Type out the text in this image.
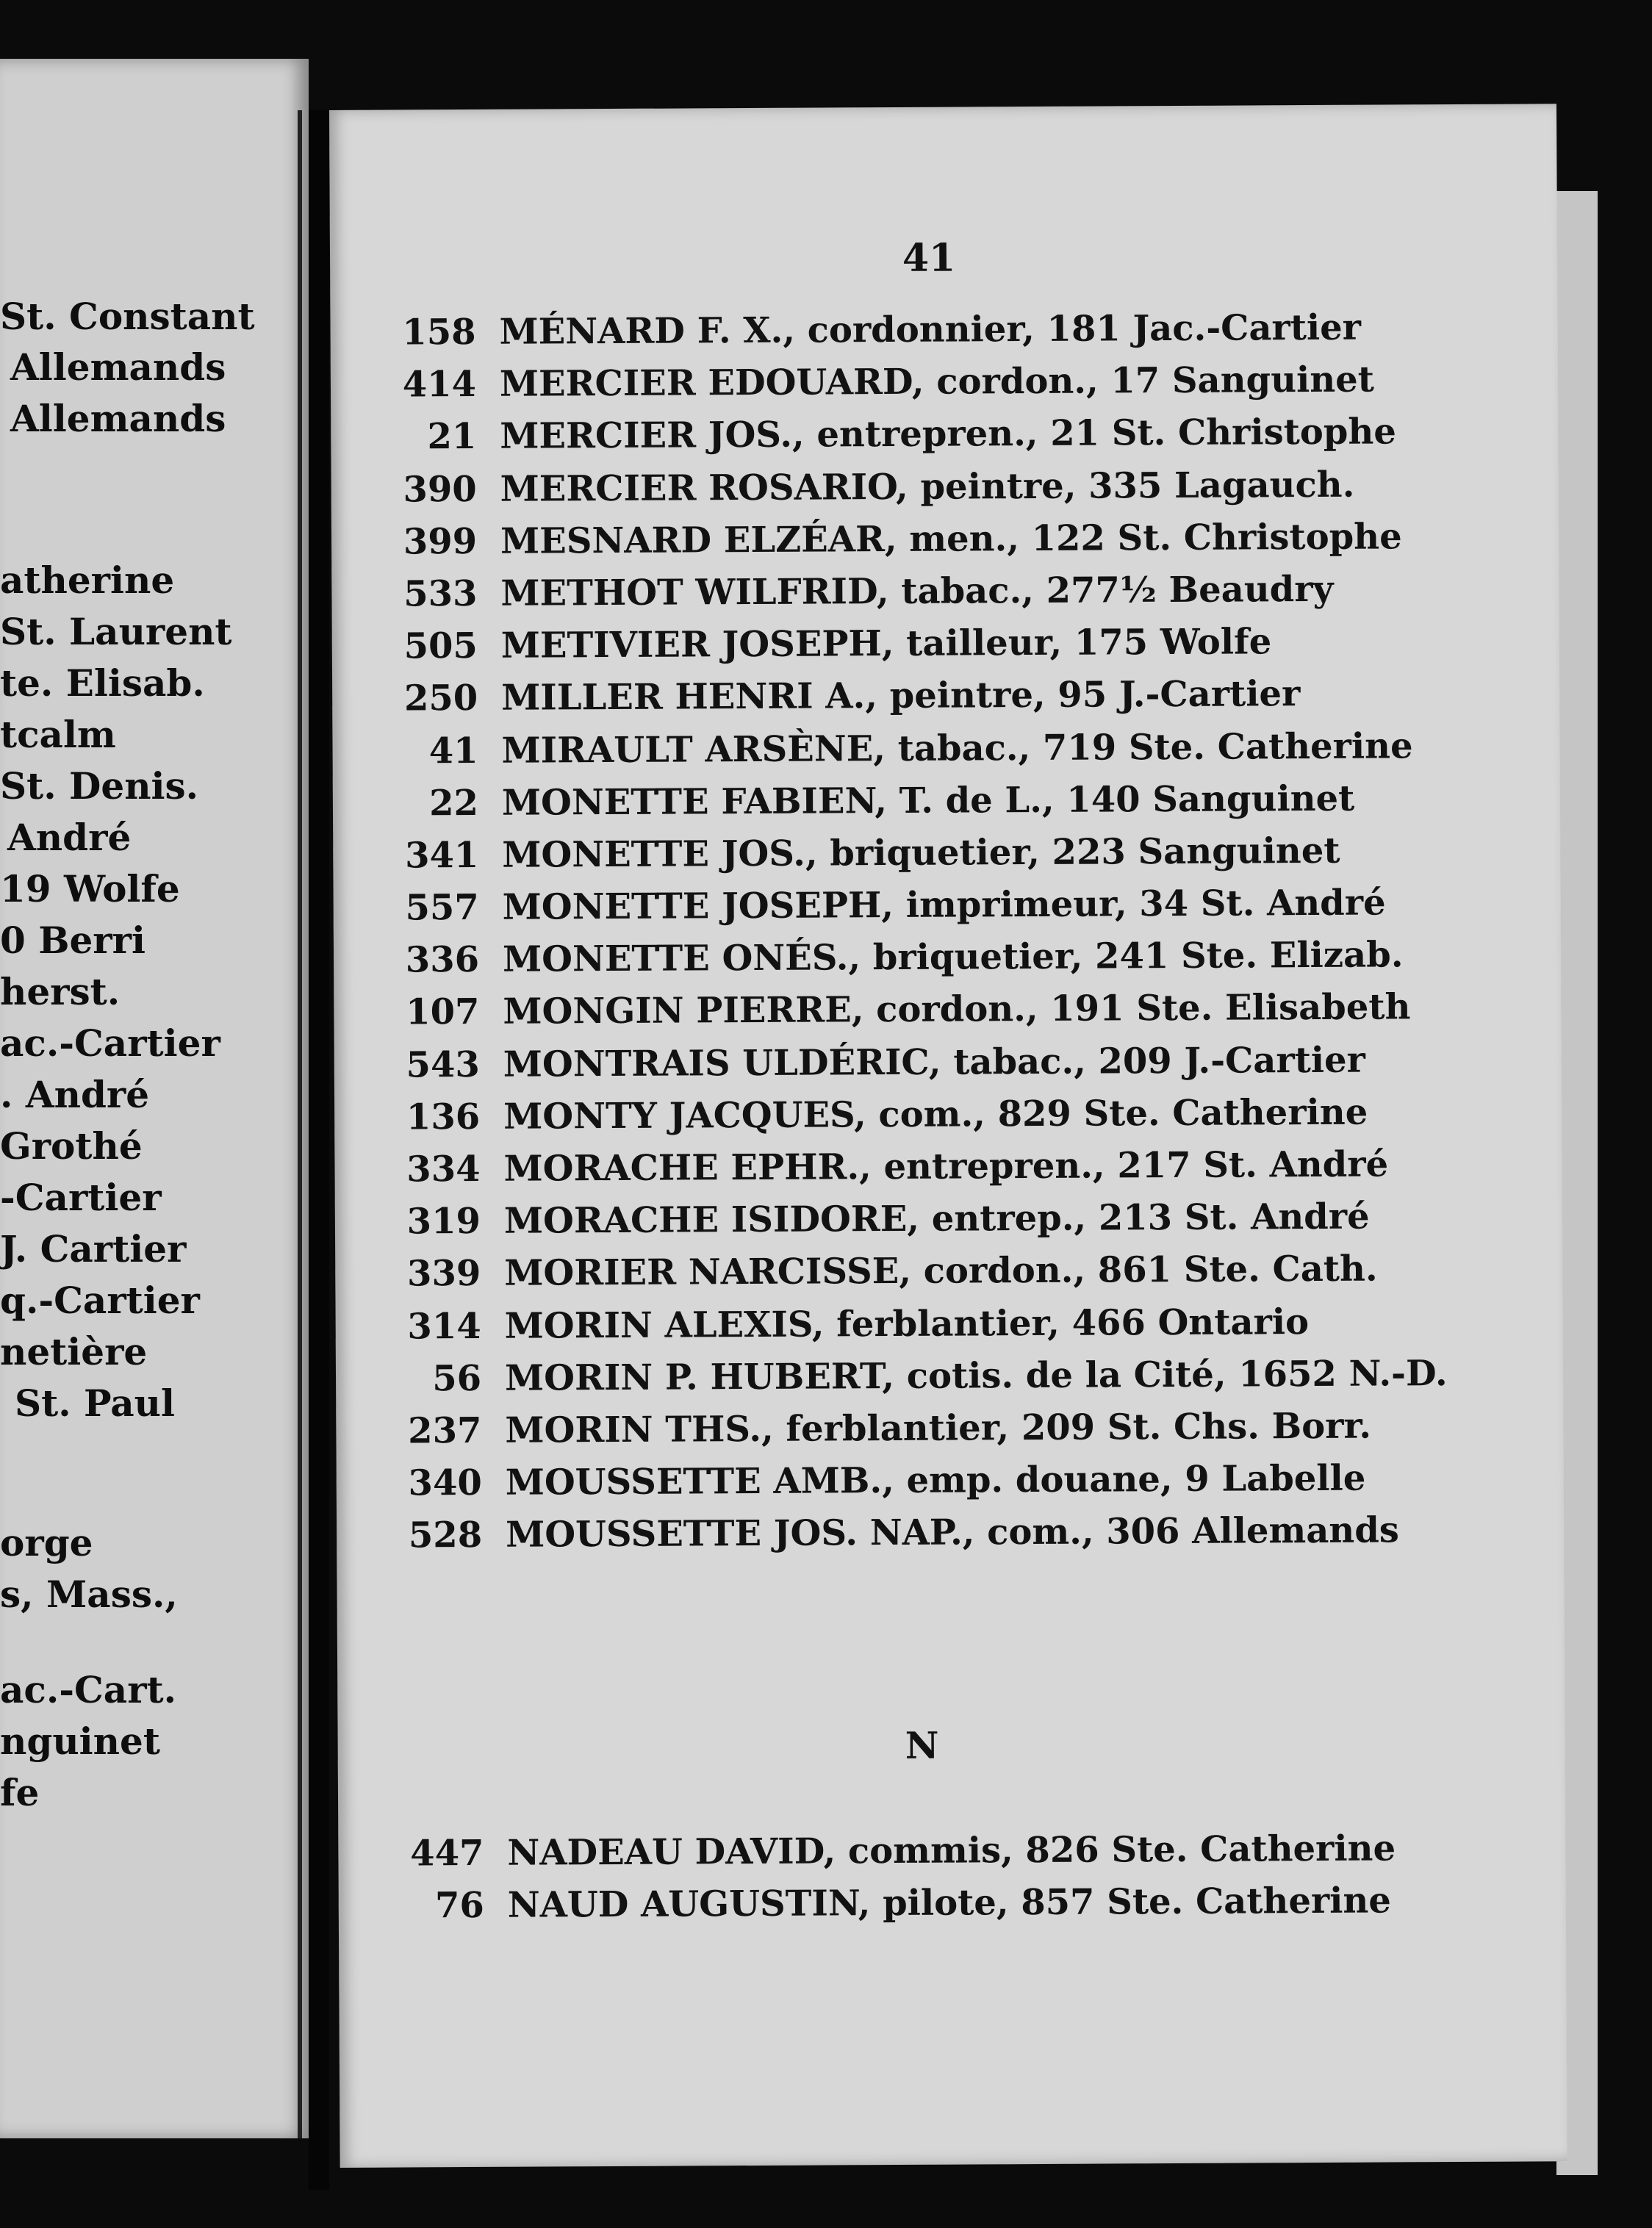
St. Constant
Allemands
Allemands
atherine
St. Laurent
te. Elisab.
tcalm
St. Denis.
André
19 Wolfe
0 Berri
herst.
ac.-Cartier
. André
Grothé
-Cartier
J. Cartier
q.-Cartier
netière
St. Paul
orge
s, Mass.,
ac.-Cart.
nguinet
fe
41
158 MÉNARD F. X., cordonnier, 181 Jac.-Cartier
414 MERCIER EDOUARD, cordon., 17 Sanguinet
21 MERCIER JOS., entrepren., 21 St. Christophe
390 MERCIER ROSARIO, peintre, 335 Lagauch.
399 MESNARD ELZÉAR, men., 122 St. Christophe
533 METHOT WILFRID, tabac., 277½ Beaudry
505 METIVIER JOSEPH, tailleur, 175 Wolfe
250 MILLER HENRI A., peintre, 95 J.-Cartier
41 MIRAULT ARSÈNE, tabac., 719 Ste. Catherine
22 MONETTE FABIEN, T. de L., 140 Sanguinet
341 MONETTE JOS., briquetier, 223 Sanguinet
557 MONETTE JOSEPH, imprimeur, 34 St. André
336 MONETTE ONÉS., briquetier, 241 Ste. Elizab.
107 MONGIN PIERRE, cordon., 191 Ste. Elisabeth
543 MONTRAIS ULDÉRIC, tabac., 209 J.-Cartier
136 MONTY JACQUES, com., 829 Ste. Catherine
334 MORACHE EPHR., entrepren., 217 St. André
319 MORACHE ISIDORE, entrep., 213 St. André
339 MORIER NARCISSE, cordon., 861 Ste. Cath.
314 MORIN ALEXIS, ferblantier, 466 Ontario
56 MORIN P. HUBERT, cotis. de la Cité, 1652 N.-D.
237 MORIN THS., ferblantier, 209 St. Chs. Borr.
340 MOUSSETTE AMB., emp. douane, 9 Labelle
528 MOUSSETTE JOS. NAP., com., 306 Allemands
N
447 NADEAU DAVID, commis, 826 Ste. Catherine
76 NAUD AUGUSTIN, pilote, 857 Ste. Catherine
